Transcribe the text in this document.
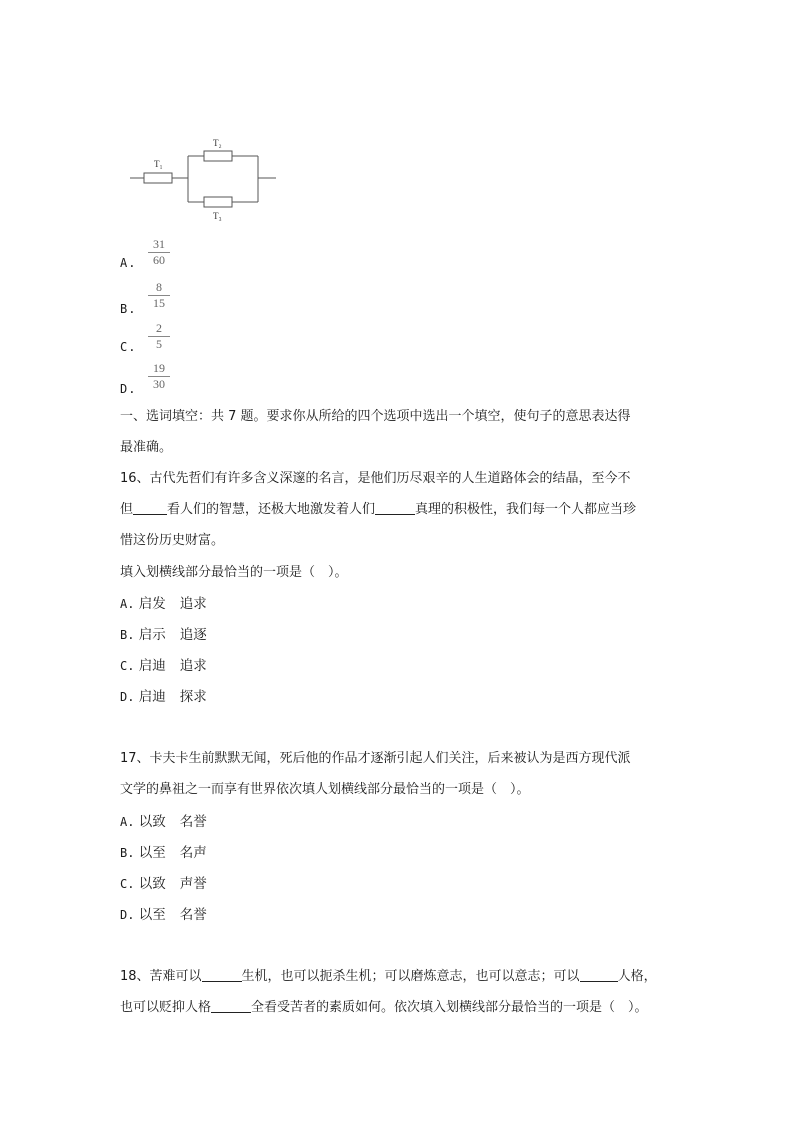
T₁
T₂
T₃
A.
31
60
B.
8
15
C.
2
5
D.
19
30
一、选词填空：共 7 题。要求你从所给的四个选项中选出一个填空，使句子的意思表达得
最准确。
16、古代先哲们有许多含义深邃的名言，是他们历尽艰辛的人生道路体会的结晶，至今不
但	看人们的智慧，还极大地激发着人们	真理的积极性，我们每一个人都应当珍
惜这份历史财富。
填入划横线部分最恰当的一项是（　）。
A. 启发 追求
B. 启示 追逐
C. 启迪 追求
D. 启迪 探求
17、卡夫卡生前默默无闻，死后他的作品才逐渐引起人们关注，后来被认为是西方现代派
文学的鼻祖之一而享有世界依次填人划横线部分最恰当的一项是（　）。
A. 以致 名誉
B. 以至 名声
C. 以致 声誉
D. 以至 名誉
18、苦难可以	生机，也可以扼杀生机；可以磨炼意志，也可以意志；可以	人格，
也可以贬抑人格	全看受苦者的素质如何。依次填入划横线部分最恰当的一项是（　）。
